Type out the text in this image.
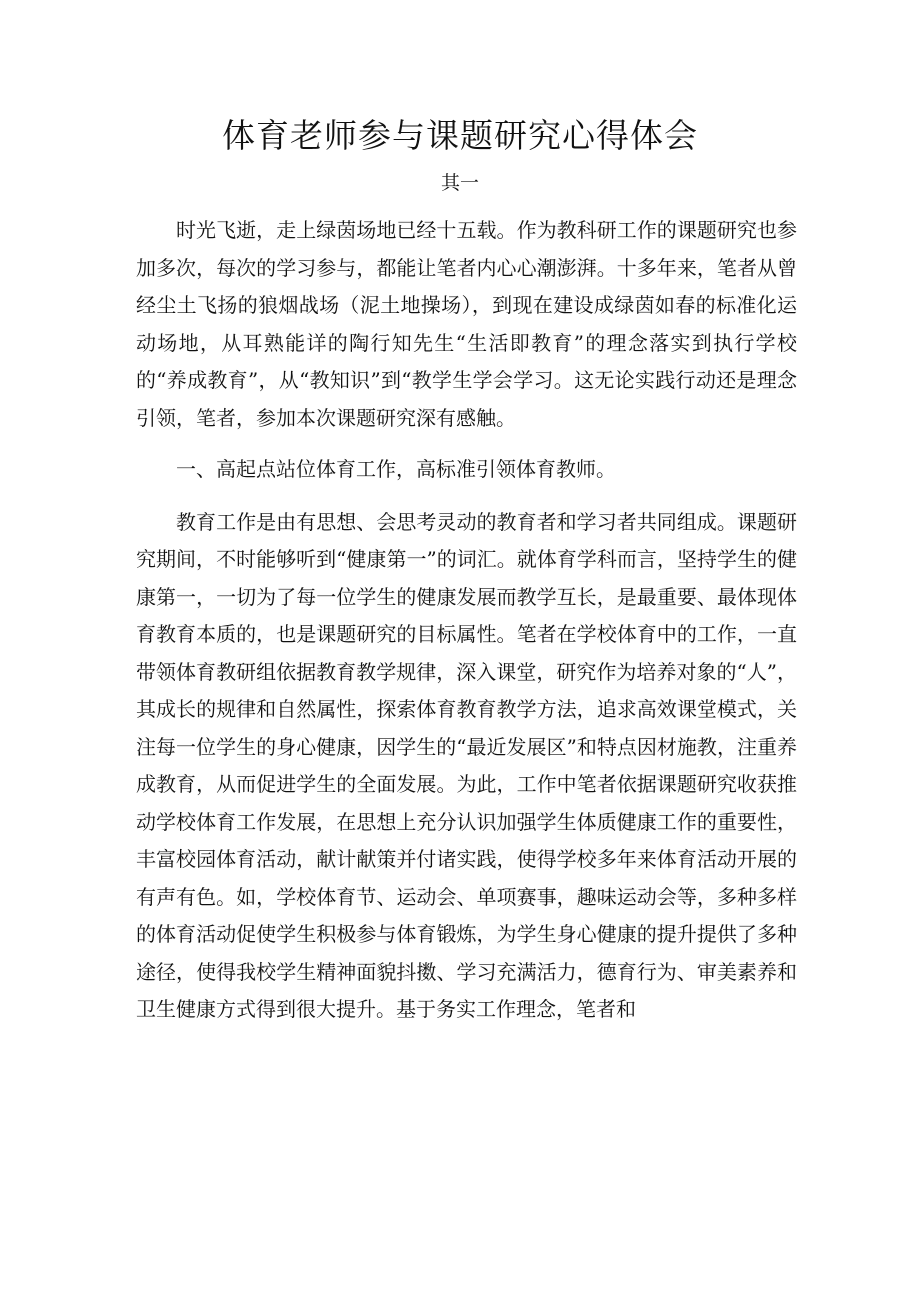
体育老师参与课题研究心得体会

其一

时光飞逝，走上绿茵场地已经十五载。作为教科研工作的课题研究也参加多次，每次的学习参与，都能让笔者内心心潮澎湃。十多年来，笔者从曾经尘土飞扬的狼烟战场（泥土地操场），到现在建设成绿茵如春的标准化运动场地，从耳熟能详的陶行知先生“生活即教育”的理念落实到执行学校的“养成教育”，从“教知识”到“教学生学会学习。这无论实践行动还是理念引领，笔者，参加本次课题研究深有感触。

一、高起点站位体育工作，高标准引领体育教师。

教育工作是由有思想、会思考灵动的教育者和学习者共同组成。课题研究期间，不时能够听到“健康第一”的词汇。就体育学科而言，坚持学生的健康第一，一切为了每一位学生的健康发展而教学互长，是最重要、最体现体育教育本质的，也是课题研究的目标属性。笔者在学校体育中的工作，一直带领体育教研组依据教育教学规律，深入课堂，研究作为培养对象的“人”，其成长的规律和自然属性，探索体育教育教学方法，追求高效课堂模式，关注每一位学生的身心健康，因学生的“最近发展区”和特点因材施教，注重养成教育，从而促进学生的全面发展。为此，工作中笔者依据课题研究收获推动学校体育工作发展，在思想上充分认识加强学生体质健康工作的重要性，丰富校园体育活动，献计献策并付诸实践，使得学校多年来体育活动开展的有声有色。如，学校体育节、运动会、单项赛事，趣味运动会等，多种多样的体育活动促使学生积极参与体育锻炼，为学生身心健康的提升提供了多种途径，使得我校学生精神面貌抖擞、学习充满活力，德育行为、审美素养和卫生健康方式得到很大提升。基于务实工作理念，笔者和
